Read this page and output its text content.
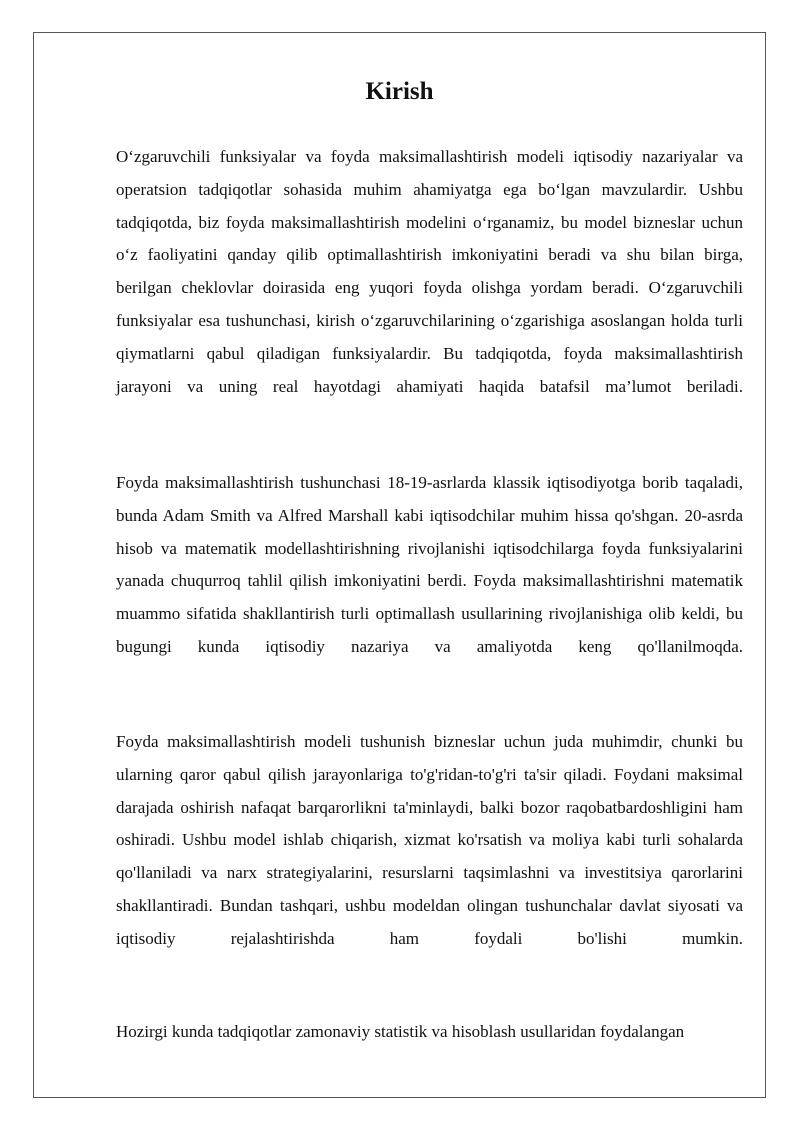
Kirish

O‘zgaruvchili funksiyalar va foyda maksimallashtirish modeli iqtisodiy nazariyalar va operatsion tadqiqotlar sohasida muhim ahamiyatga ega bo‘lgan mavzulardir. Ushbu tadqiqotda, biz foyda maksimallashtirish modelini o‘rganamiz, bu model bizneslar uchun o‘z faoliyatini qanday qilib optimallashtirish imkoniyatini beradi va shu bilan birga, berilgan cheklovlar doirasida eng yuqori foyda olishga yordam beradi. O‘zgaruvchili funksiyalar esa tushunchasi, kirish o‘zgaruvchilarining o‘zgarishiga asoslangan holda turli qiymatlarni qabul qiladigan funksiyalardir. Bu tadqiqotda, foyda maksimallashtirish jarayoni va uning real hayotdagi ahamiyati haqida batafsil ma’lumot beriladi.

Foyda maksimallashtirish tushunchasi 18-19-asrlarda klassik iqtisodiyotga borib taqaladi, bunda Adam Smith va Alfred Marshall kabi iqtisodchilar muhim hissa qo'shgan. 20-asrda hisob va matematik modellashtirishning rivojlanishi iqtisodchilarga foyda funksiyalarini yanada chuqurroq tahlil qilish imkoniyatini berdi. Foyda maksimallashtirishni matematik muammo sifatida shakllantirish turli optimallash usullarining rivojlanishiga olib keldi, bu bugungi kunda iqtisodiy nazariya va amaliyotda keng qo'llanilmoqda.

Foyda maksimallashtirish modeli tushunish bizneslar uchun juda muhimdir, chunki bu ularning qaror qabul qilish jarayonlariga to'g'ridan-to'g'ri ta'sir qiladi. Foydani maksimal darajada oshirish nafaqat barqarorlikni ta'minlaydi, balki bozor raqobatbardoshligini ham oshiradi. Ushbu model ishlab chiqarish, xizmat ko'rsatish va moliya kabi turli sohalarda qo'llaniladi va narx strategiyalarini, resurslarni taqsimlashni va investitsiya qarorlarini shakllantiradi. Bundan tashqari, ushbu modeldan olingan tushunchalar davlat siyosati va iqtisodiy rejalashtirishda ham foydali bo'lishi mumkin.

Hozirgi kunda tadqiqotlar zamonaviy statistik va hisoblash usullaridan foydalangan
